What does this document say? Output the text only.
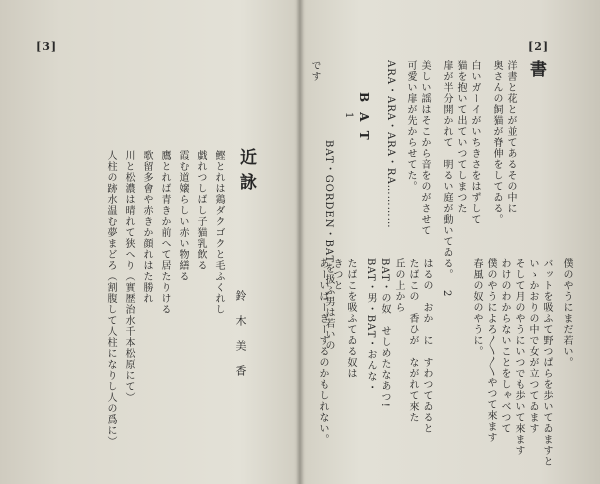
[3]
近詠
鈴木美香
鰹とれは鶏ダクゴクと毛ふくれし
戯れつしばし子猫乳飲る
霞む道嬢らしい赤い物繕る
鷹とれば青きか前へて居たりける
歌留多會や赤きか顔れはた勝れ
川と松濃は晴れて狭へり（實歴治水千本松原にて）
人柱の跡水温む夢まどろ（割腹して人柱になりし人の爲に）
[2]
書
洋書と花とが並てあるその中に
奥さんの飼猫が脊伸をしてゐる。
白いガーイがいちきさをはずして
猫を抱いて出ていつてしまつた
扉が半分開かれて　明るい庭が動いてゐる。
美しい謡はそこから音をのがさせて
可愛い扉が先からせてた。
ARA・ARA・ARA・RA…………
BAT
1
BAT・GORDEN・BATを扱ふ男は若いの
です
僕のやうにまだ若い。
バットを吸ふて野つぱらを歩いてゐますと
いゝかおりの中で女が立つてゐます
そして月のやうにいつでも歩いて來ます
わけのわからないことをしゃべつて
僕のやうによろ〱〱やつて來ます
春風の奴のやうに。
2
はるの　おか　に　すわつてゐると
たばこの　香ひが　ながれて來た
丘の上から
BAT・の奴　せしめたなあつ!
BAT・男・BAT・おんな・
たばこを吸ふてゐる奴は
きつと
あーいばーきーするのかもしれない。
